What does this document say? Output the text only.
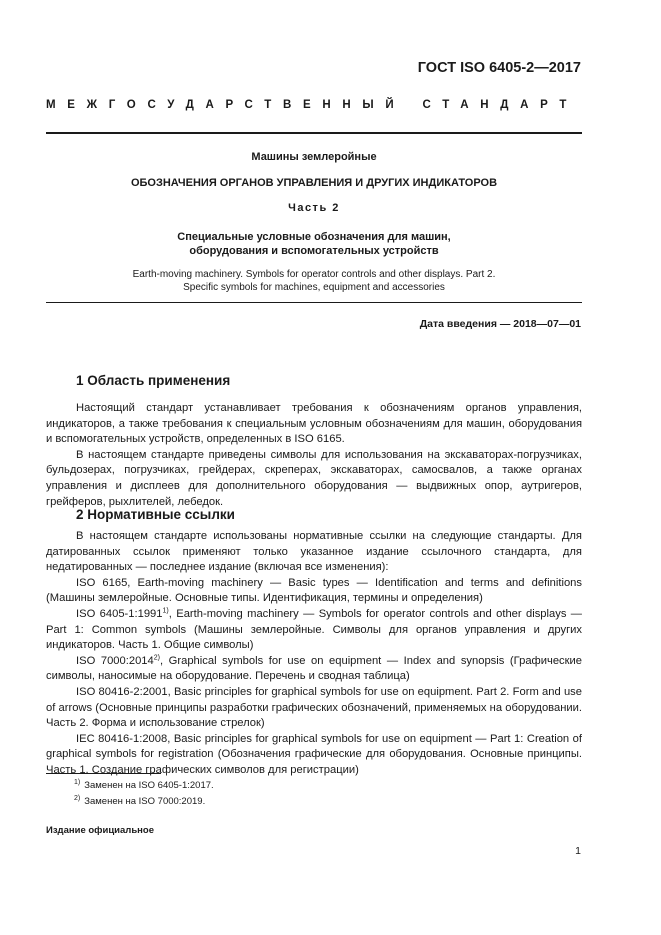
ГОСТ ISO 6405-2—2017
МЕЖГОСУДАРСТВЕННЫЙ СТАНДАРТ
Машины землеройные
ОБОЗНАЧЕНИЯ ОРГАНОВ УПРАВЛЕНИЯ И ДРУГИХ ИНДИКАТОРОВ
Часть 2
Специальные условные обозначения для машин,
оборудования и вспомогательных устройств
Earth-moving machinery. Symbols for operator controls and other displays. Part 2.
Specific symbols for machines, equipment and accessories
Дата введения — 2018—07—01
1 Область применения

Настоящий стандарт устанавливает требования к обозначениям органов управления, индикаторов, а также требования к специальным условным обозначениям для машин, оборудования и вспомогательных устройств, определенных в ISO 6165.

В настоящем стандарте приведены символы для использования на экскаваторах-погрузчиках, бульдозерах, погрузчиках, грейдерах, скреперах, экскаваторах, самосвалов, а также органах управления и дисплеев для дополнительного оборудования — выдвижных опор, аутригеров, грейферов, рыхлителей, лебедок.

2 Нормативные ссылки

В настоящем стандарте использованы нормативные ссылки на следующие стандарты. Для датированных ссылок применяют только указанное издание ссылочного стандарта, для недатированных — последнее издание (включая все изменения):

ISO 6165, Earth-moving machinery — Basic types — Identification and terms and definitions (Машины землеройные. Основные типы. Идентификация, термины и определения)

ISO 6405-1:1991$^{1)}$, Earth-moving machinery — Symbols for operator controls and other displays — Part 1: Common symbols (Машины землеройные. Символы для органов управления и других индикаторов. Часть 1. Общие символы)

ISO 7000:2014$^{2)}$, Graphical symbols for use on equipment — Index and synopsis (Графические символы, наносимые на оборудование. Перечень и сводная таблица)

ISO 80416-2:2001, Basic principles for graphical symbols for use on equipment. Part 2. Form and use of arrows (Основные принципы разработки графических обозначений, применяемых на оборудовании. Часть 2. Форма и использование стрелок)

IEC 80416-1:2008, Basic principles for graphical symbols for use on equipment — Part 1: Creation of graphical symbols for registration (Обозначения графические для оборудования. Основные принципы. Часть 1. Создание графических символов для регистрации)

$^{1)}$ Заменен на ISO 6405-1:2017.
$^{2)}$ Заменен на ISO 7000:2019.
Издание официальное
1
